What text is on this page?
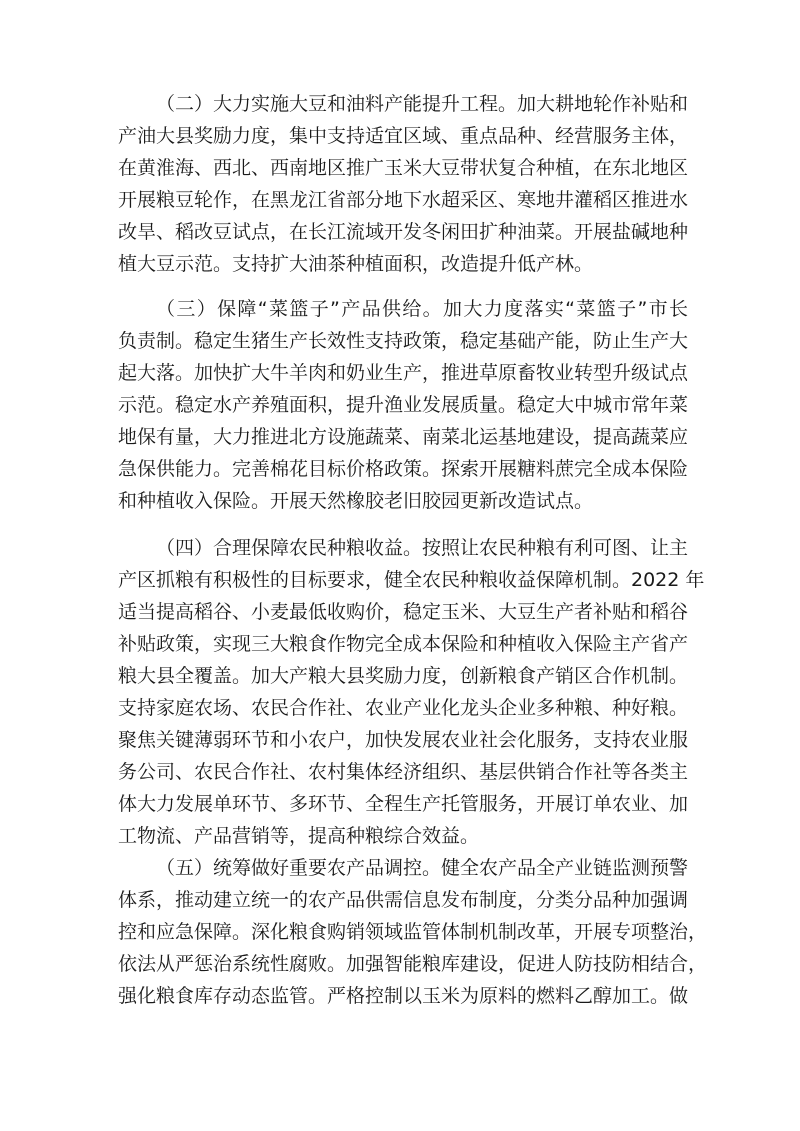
（二）大力实施大豆和油料产能提升工程。加大耕地轮作补贴和
产油大县奖励力度，集中支持适宜区域、重点品种、经营服务主体，
在黄淮海、西北、西南地区推广玉米大豆带状复合种植，在东北地区
开展粮豆轮作，在黑龙江省部分地下水超采区、寒地井灌稻区推进水
改旱、稻改豆试点，在长江流域开发冬闲田扩种油菜。开展盐碱地种
植大豆示范。支持扩大油茶种植面积，改造提升低产林。
（三）保障“菜篮子”产品供给。加大力度落实“菜篮子”市长
负责制。稳定生猪生产长效性支持政策，稳定基础产能，防止生产大
起大落。加快扩大牛羊肉和奶业生产，推进草原畜牧业转型升级试点
示范。稳定水产养殖面积，提升渔业发展质量。稳定大中城市常年菜
地保有量，大力推进北方设施蔬菜、南菜北运基地建设，提高蔬菜应
急保供能力。完善棉花目标价格政策。探索开展糖料蔗完全成本保险
和种植收入保险。开展天然橡胶老旧胶园更新改造试点。
（四）合理保障农民种粮收益。按照让农民种粮有利可图、让主
产区抓粮有积极性的目标要求，健全农民种粮收益保障机制。2022 年
适当提高稻谷、小麦最低收购价，稳定玉米、大豆生产者补贴和稻谷
补贴政策，实现三大粮食作物完全成本保险和种植收入保险主产省产
粮大县全覆盖。加大产粮大县奖励力度，创新粮食产销区合作机制。
支持家庭农场、农民合作社、农业产业化龙头企业多种粮、种好粮。
聚焦关键薄弱环节和小农户，加快发展农业社会化服务，支持农业服
务公司、农民合作社、农村集体经济组织、基层供销合作社等各类主
体大力发展单环节、多环节、全程生产托管服务，开展订单农业、加
工物流、产品营销等，提高种粮综合效益。
（五）统筹做好重要农产品调控。健全农产品全产业链监测预警
体系，推动建立统一的农产品供需信息发布制度，分类分品种加强调
控和应急保障。深化粮食购销领域监管体制机制改革，开展专项整治，
依法从严惩治系统性腐败。加强智能粮库建设，促进人防技防相结合，
强化粮食库存动态监管。严格控制以玉米为原料的燃料乙醇加工。做
